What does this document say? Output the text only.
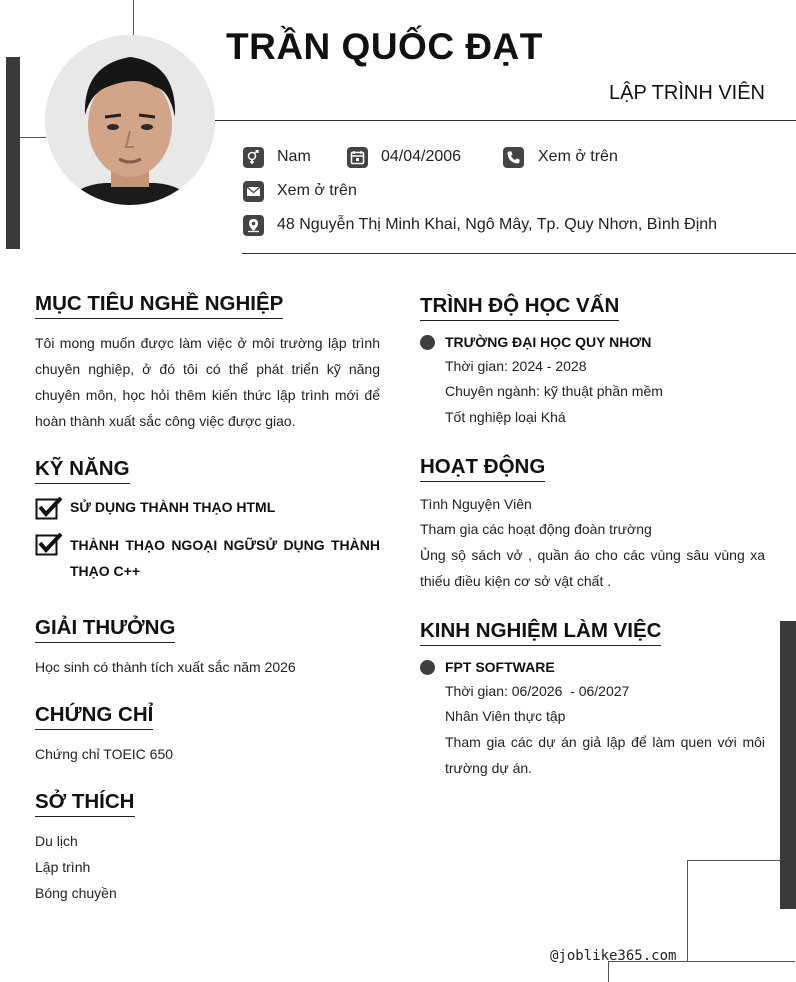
TRẦN QUỐC ĐẠT
LẬP TRÌNH VIÊN
Nam	04/04/2006	Xem ở trên
Xem ở trên
48 Nguyễn Thị Minh Khai, Ngô Mây, Tp. Quy Nhơn, Bình Định
MỤC TIÊU NGHỀ NGHIỆP
Tôi mong muốn được làm việc ở môi trường lập trình chuyên nghiệp, ở đó tôi có thể phát triển kỹ năng chuyên môn, học hỏi thêm kiến thức lập trình mới để hoàn thành xuất sắc công việc được giao.
KỸ NĂNG
SỬ DỤNG THÀNH THẠO HTML
THÀNH THẠO NGOẠI NGỮSỬ DỤNG THÀNH THẠO C++
GIẢI THƯỞNG
Học sinh có thành tích xuất sắc năm 2026
CHỨNG CHỈ
Chứng chỉ TOEIC 650
SỞ THÍCH
Du lịch
Lập trình
Bóng chuyền
TRÌNH ĐỘ HỌC VẤN
TRƯỜNG ĐẠI HỌC QUY NHƠN
Thời gian: 2024 - 2028
Chuyên ngành: kỹ thuật phần mềm
Tốt nghiệp loại Khá
HOẠT ĐỘNG
Tình Nguyện Viên
Tham gia các hoạt động đoàn trường
Ủng sộ sách vở , quần áo cho các vùng sâu vùng xa thiếu điều kiện cơ sở vật chất .
KINH NGHIỆM LÀM VIỆC
FPT SOFTWARE
Thời gian: 06/2026  - 06/2027
Nhân Viên thực tập
Tham gia các dự án giả lập để làm quen với môi trường dự án.
@joblike365.com
